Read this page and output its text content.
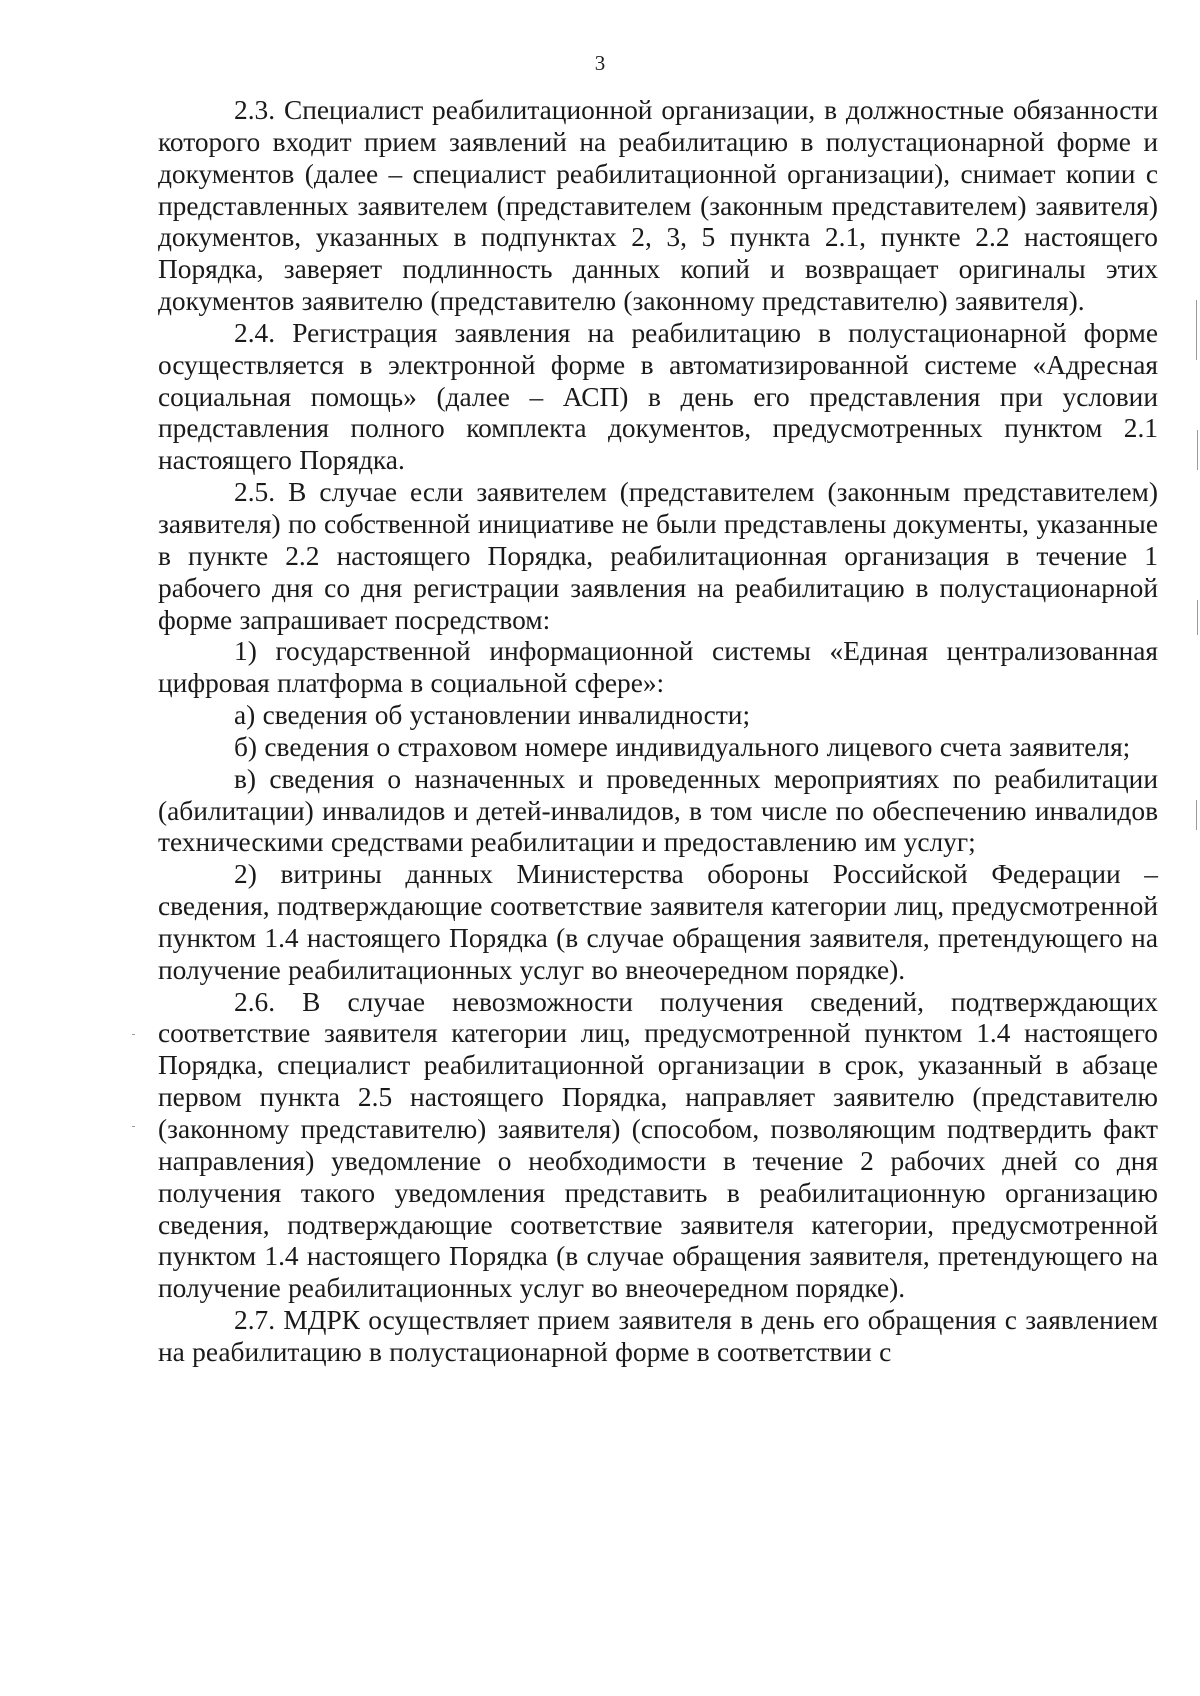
3

2.3. Специалист реабилитационной организации, в должностные обязанности которого входит прием заявлений на реабилитацию в полустационарной форме и документов (далее – специалист реабилитационной организации), снимает копии с представленных заявителем (представителем (законным представителем) заявителя) документов, указанных в подпунктах 2, 3, 5 пункта 2.1, пункте 2.2 настоящего Порядка, заверяет подлинность данных копий и возвращает оригиналы этих документов заявителю (представителю (законному представителю) заявителя).

2.4. Регистрация заявления на реабилитацию в полустационарной форме осуществляется в электронной форме в автоматизированной системе «Адресная социальная помощь» (далее – АСП) в день его представления при условии представления полного комплекта документов, предусмотренных пунктом 2.1 настоящего Порядка.

2.5. В случае если заявителем (представителем (законным представителем) заявителя) по собственной инициативе не были представлены документы, указанные в пункте 2.2 настоящего Порядка, реабилитационная организация в течение 1 рабочего дня со дня регистрации заявления на реабилитацию в полустационарной форме запрашивает посредством:

1) государственной информационной системы «Единая централизованная цифровая платформа в социальной сфере»:

а) сведения об установлении инвалидности;

б) сведения о страховом номере индивидуального лицевого счета заявителя;

в) сведения о назначенных и проведенных мероприятиях по реабилитации (абилитации) инвалидов и детей-инвалидов, в том числе по обеспечению инвалидов техническими средствами реабилитации и предоставлению им услуг;

2) витрины данных Министерства обороны Российской Федерации – сведения, подтверждающие соответствие заявителя категории лиц, предусмотренной пунктом 1.4 настоящего Порядка (в случае обращения заявителя, претендующего на получение реабилитационных услуг во внеочередном порядке).

2.6. В случае невозможности получения сведений, подтверждающих соответствие заявителя категории лиц, предусмотренной пунктом 1.4 настоящего Порядка, специалист реабилитационной организации в срок, указанный в абзаце первом пункта 2.5 настоящего Порядка, направляет заявителю (представителю (законному представителю) заявителя) (способом, позволяющим подтвердить факт направления) уведомление о необходимости в течение 2 рабочих дней со дня получения такого уведомления представить в реабилитационную организацию сведения, подтверждающие соответствие заявителя категории, предусмотренной пунктом 1.4 настоящего Порядка (в случае обращения заявителя, претендующего на получение реабилитационных услуг во внеочередном порядке).

2.7. МДРК осуществляет прием заявителя в день его обращения с заявлением на реабилитацию в полустационарной форме в соответствии с
